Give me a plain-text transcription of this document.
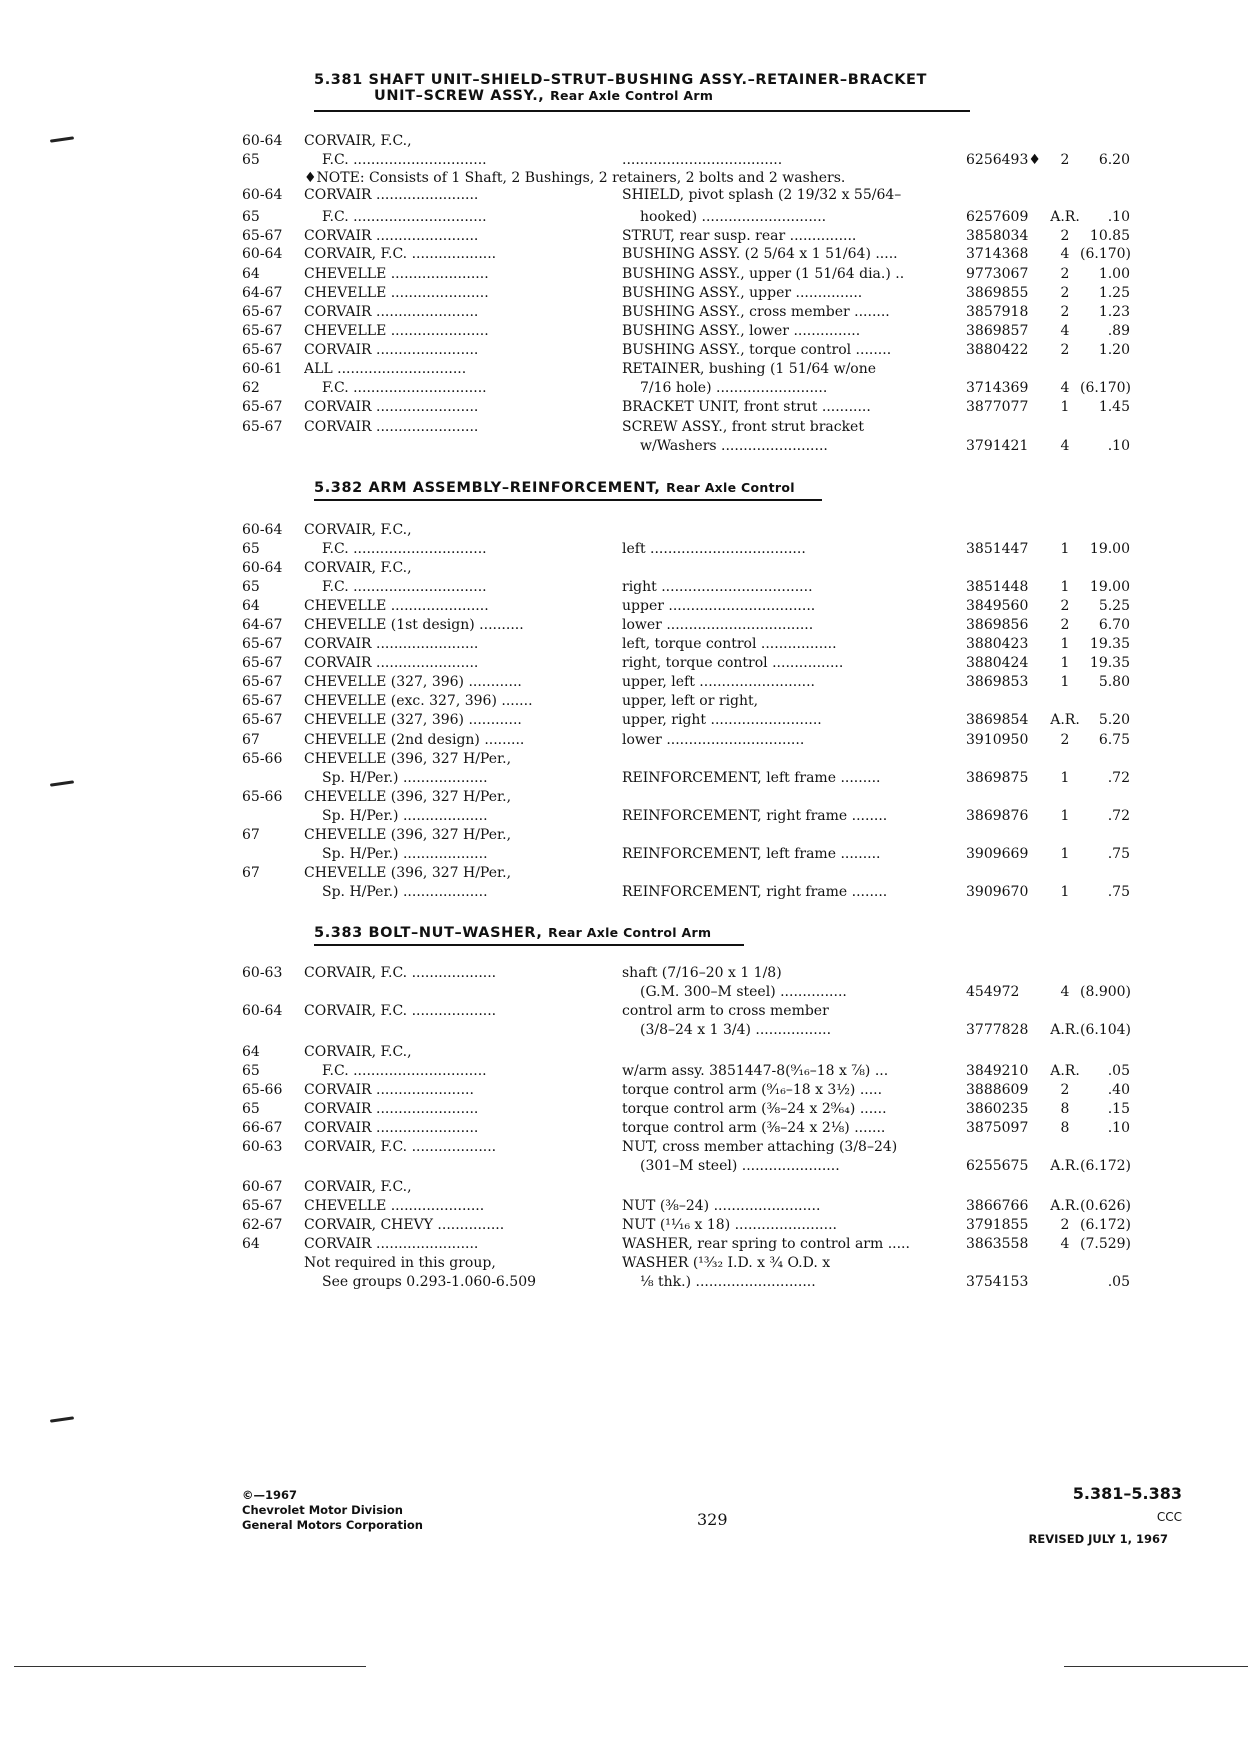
5.381 SHAFT UNIT–SHIELD–STRUT–BUSHING ASSY.–RETAINER–BRACKET
UNIT–SCREW ASSY., Rear Axle Control Arm
60-64	CORVAIR, F.C.,
65	F.C. ..............................	....................................	6256493♦	2	6.20
60-64	CORVAIR .......................	SHIELD, pivot splash (2 19/32 x 55/64–
65	F.C. ..............................	hooked) ............................	6257609	A.R.	.10
65-67	CORVAIR .......................	STRUT, rear susp. rear ...............	3858034	2	10.85
60-64	CORVAIR, F.C. ...................	BUSHING ASSY. (2 5/64 x 1 51/64) .....	3714368	4 (6.170)
64	CHEVELLE ......................	BUSHING ASSY., upper (1 51/64 dia.) ..	9773067	2	1.00
64-67	CHEVELLE ......................	BUSHING ASSY., upper ...............	3869855	2	1.25
65-67	CORVAIR .......................	BUSHING ASSY., cross member ........	3857918	2	1.23
65-67	CHEVELLE ......................	BUSHING ASSY., lower ...............	3869857	4	.89
65-67	CORVAIR .......................	BUSHING ASSY., torque control ........	3880422	2	1.20
60-61	ALL .............................	RETAINER, bushing (1 51/64 w/one
62	F.C. ..............................	7/16 hole) .........................	3714369	4 (6.170)
65-67	CORVAIR .......................	BRACKET UNIT, front strut ...........	3877077	1	1.45
65-67	CORVAIR .......................	SCREW ASSY., front strut bracket
w/Washers ........................	3791421	4	.10
♦NOTE: Consists of 1 Shaft, 2 Bushings, 2 retainers, 2 bolts and 2 washers.
5.382 ARM ASSEMBLY–REINFORCEMENT, Rear Axle Control
60-64	CORVAIR, F.C.,
65	F.C. ..............................	left ...................................	3851447	1	19.00
60-64	CORVAIR, F.C.,
65	F.C. ..............................	right ..................................	3851448	1	19.00
64	CHEVELLE ......................	upper .................................	3849560	2	5.25
64-67	CHEVELLE (1st design) ..........	lower .................................	3869856	2	6.70
65-67	CORVAIR .......................	left, torque control .................	3880423	1	19.35
65-67	CORVAIR .......................	right, torque control ................	3880424	1	19.35
65-67	CHEVELLE (327, 396) ............	upper, left ..........................	3869853	1	5.80
65-67	CHEVELLE (exc. 327, 396) .......	upper, left or right,
65-67	CHEVELLE (327, 396) ............	upper, right .........................	3869854	A.R.	5.20
67	CHEVELLE (2nd design) .........	lower ...............................	3910950	2	6.75
65-66	CHEVELLE (396, 327 H/Per.,
Sp. H/Per.) ...................	REINFORCEMENT, left frame .........	3869875	1	.72
65-66	CHEVELLE (396, 327 H/Per.,
Sp. H/Per.) ...................	REINFORCEMENT, right frame ........	3869876	1	.72
67	CHEVELLE (396, 327 H/Per.,
Sp. H/Per.) ...................	REINFORCEMENT, left frame .........	3909669	1	.75
67	CHEVELLE (396, 327 H/Per.,
Sp. H/Per.) ...................	REINFORCEMENT, right frame ........	3909670	1	.75
5.383 BOLT–NUT–WASHER, Rear Axle Control Arm
60-63	CORVAIR, F.C. ...................	shaft (7/16–20 x 1 1/8)
(G.M. 300–M steel) ...............	454972	4 (8.900)
60-64	CORVAIR, F.C. ...................	control arm to cross member
(3/8–24 x 1 3/4) .................	3777828	A.R. (6.104)
64	CORVAIR, F.C.,
65	F.C. ..............................	w/arm assy. 3851447-8(⁹⁄₁₆–18 x ⅞) ...	3849210	A.R.	.05
65-66	CORVAIR ......................	torque control arm (⁹⁄₁₆–18 x 3½) .....	3888609	2	.40
65	CORVAIR .......................	torque control arm (⅜–24 x 2⁹⁄₆₄) ......	3860235	8	.15
66-67	CORVAIR .......................	torque control arm (⅜–24 x 2⅛) .......	3875097	8	.10
60-63	CORVAIR, F.C. ...................	NUT, cross member attaching (3/8–24)
(301–M steel) ......................	6255675	A.R. (6.172)
60-67	CORVAIR, F.C.,
65-67	CHEVELLE .....................	NUT (⅜–24) ........................	3866766	A.R. (0.626)
62-67	CORVAIR, CHEVY ...............	NUT (¹¹⁄₁₆ x 18) .......................	3791855	2 (6.172)
64	CORVAIR .......................	WASHER, rear spring to control arm .....	3863558	4 (7.529)
Not required in this group,	WASHER (¹³⁄₃₂ I.D. x ¾ O.D. x
See groups 0.293-1.060-6.509	⅛ thk.) ...........................	3754153	.05
©—1967
Chevrolet Motor Division
General Motors Corporation	329
5.381–5.383
CCC
REVISED JULY 1, 1967
